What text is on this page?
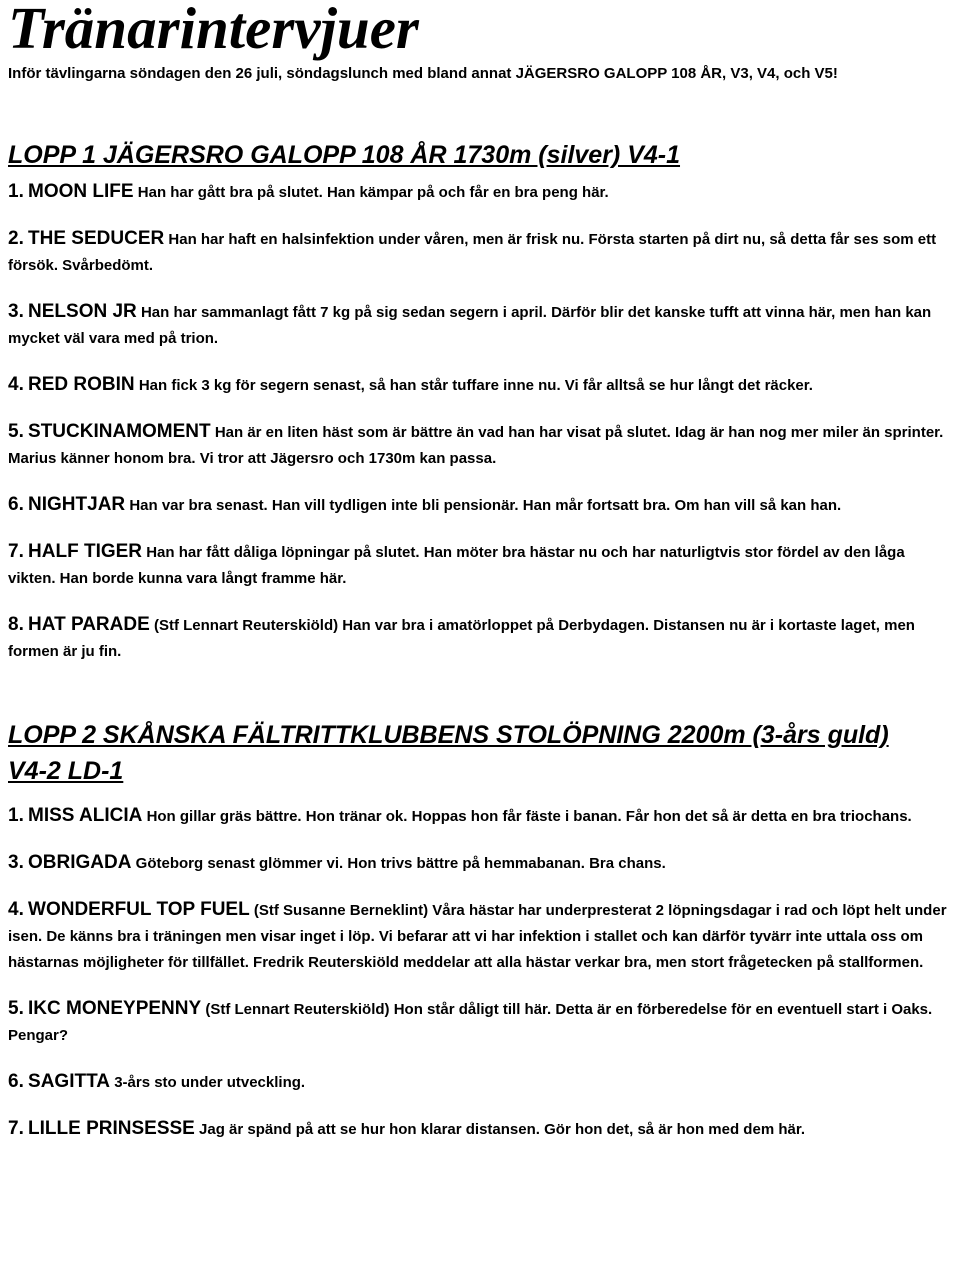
Tränarintervjuer

Inför tävlingarna söndagen den 26 juli, söndagslunch med bland annat JÄGERSRO GALOPP 108 ÅR, V3, V4, och V5!

LOPP 1 JÄGERSRO GALOPP 108 ÅR 1730m (silver) V4-1

1. MOON LIFE Han har gått bra på slutet. Han kämpar på och får en bra peng här.

2. THE SEDUCER Han har haft en halsinfektion under våren, men är frisk nu. Första starten på dirt nu, så detta får ses som ett försök. Svårbedömt.

3. NELSON JR Han har sammanlagt fått 7 kg på sig sedan segern i april. Därför blir det kanske tufft att vinna här, men han kan mycket väl vara med på trion.

4. RED ROBIN Han fick 3 kg för segern senast, så han står tuffare inne nu. Vi får alltså se hur långt det räcker.

5. STUCKINAMOMENT Han är en liten häst som är bättre än vad han har visat på slutet. Idag är han nog mer miler än sprinter. Marius känner honom bra. Vi tror att Jägersro och 1730m kan passa.

6. NIGHTJAR Han var bra senast. Han vill tydligen inte bli pensionär. Han mår fortsatt bra. Om han vill så kan han.

7. HALF TIGER Han har fått dåliga löpningar på slutet. Han möter bra hästar nu och har naturligtvis stor fördel av den låga vikten. Han borde kunna vara långt framme här.

8. HAT PARADE (Stf Lennart Reuterskiöld) Han var bra i amatörloppet på Derbydagen. Distansen nu är i kortaste laget, men formen är ju fin.

LOPP 2 SKÅNSKA FÄLTRITTKLUBBENS STOLÖPNING 2200m (3-års guld)
V4-2 LD-1

1. MISS ALICIA Hon gillar gräs bättre. Hon tränar ok. Hoppas hon får fäste i banan. Får hon det så är detta en bra triochans.

3. OBRIGADA Göteborg senast glömmer vi. Hon trivs bättre på hemmabanan. Bra chans.

4. WONDERFUL TOP FUEL (Stf Susanne Berneklint) Våra hästar har underpresterat 2 löpningsdagar i rad och löpt helt under isen. De känns bra i träningen men visar inget i löp. Vi befarar att vi har infektion i stallet och kan därför tyvärr inte uttala oss om hästarnas möjligheter för tillfället. Fredrik Reuterskiöld meddelar att alla hästar verkar bra, men stort frågetecken på stallformen.

5. IKC MONEYPENNY (Stf Lennart Reuterskiöld) Hon står dåligt till här. Detta är en förberedelse för en eventuell start i Oaks. Pengar?

6. SAGITTA 3-års sto under utveckling.

7. LILLE PRINSESSE Jag är spänd på att se hur hon klarar distansen. Gör hon det, så är hon med dem här.
